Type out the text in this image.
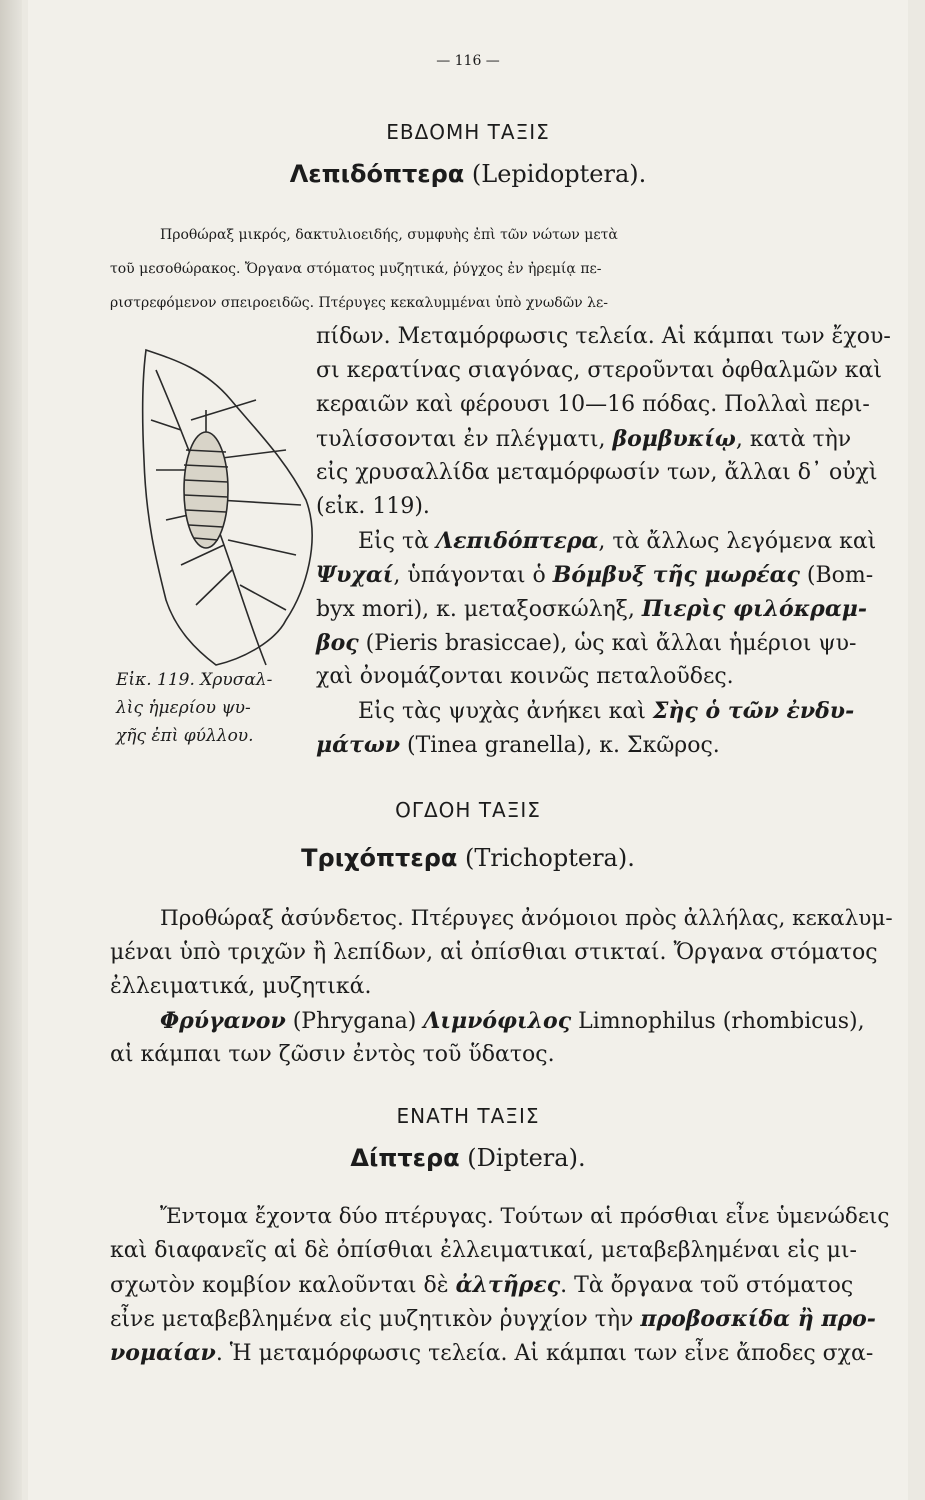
— 116 —
ΕΒΔΟΜΗ ΤΑΞΙΣ
Λεπιδόπτερα (Lepidoptera).
Προθώραξ μικρός, δακτυλιοειδής, συμφυὴς ἐπὶ τῶν νώτων μετὰ
τοῦ μεσοθώρακος. Ὄργανα στόματος μυζητικά, ῥύγχος ἐν ἠρεμίᾳ πε-
ριστρεφόμενον σπειροειδῶς. Πτέρυγες κεκαλυμμέναι ὑπὸ χνωδῶν λε-
πίδων. Μεταμόρφωσις τελεία. Αἱ κάμπαι των ἔχου-
σι κερατίνας σιαγόνας, στεροῦνται ὀφθαλμῶν καὶ
κεραιῶν καὶ φέρουσι 10—16 πόδας. Πολλαὶ περι-
τυλίσσονται ἐν πλέγματι, βομβυκίῳ, κατὰ τὴν
εἰς χρυσαλλίδα μεταμόρφωσίν των, ἄλλαι δ᾽ οὐχὶ
(εἰκ. 119).
Εἰς τὰ Λεπιδόπτερα, τὰ ἄλλως λεγόμενα καὶ
Ψυχαί, ὑπάγονται ὁ Βόμβυξ τῆς μωρέας (Bom-
byx mori), κ. μεταξοσκώληξ, Πιερὶς φιλόκραμ-
βος (Pieris brasiccae), ὡς καὶ ἄλλαι ἡμέριοι ψυ-
χαὶ ὀνομάζονται κοινῶς πεταλοῦδες.
Εἰς τὰς ψυχὰς ἀνήκει καὶ Σὴς ὁ τῶν ἐνδυ-
μάτων (Tinea granella), κ. Σκῶρος.
Εἰκ. 119. Χρυσαλ-
λὶς ἡμερίου ψυ-
χῆς ἐπὶ φύλλου.
ΟΓΔΟΗ ΤΑΞΙΣ
Τριχόπτερα (Trichoptera).
Προθώραξ ἀσύνδετος. Πτέρυγες ἀνόμοιοι πρὸς ἀλλήλας, κεκαλυμ-
μέναι ὑπὸ τριχῶν ἢ λεπίδων, αἱ ὀπίσθιαι στικταί. Ὄργανα στόματος
ἐλλειματικά, μυζητικά.
Φρύγανον (Phrygana) Λιμνόφιλος Limnophilus (rhombicus),
αἱ κάμπαι των ζῶσιν ἐντὸς τοῦ ὕδατος.
ΕΝΑΤΗ ΤΑΞΙΣ
Δίπτερα (Diptera).
Ἔντομα ἔχοντα δύο πτέρυγας. Τούτων αἱ πρόσθιαι εἶνε ὑμενώδεις
καὶ διαφανεῖς αἱ δὲ ὀπίσθιαι ἐλλειματικαί, μεταβεβλημέναι εἰς μι-
σχωτὸν κομβίον καλοῦνται δὲ ἀλτῆρες. Τὰ ὄργανα τοῦ στόματος
εἶνε μεταβεβλημένα εἰς μυζητικὸν ῥυγχίον τὴν προβοσκίδα ἢ προ-
νομαίαν. Ἡ μεταμόρφωσις τελεία. Αἱ κάμπαι των εἶνε ἄποδες σχα-
